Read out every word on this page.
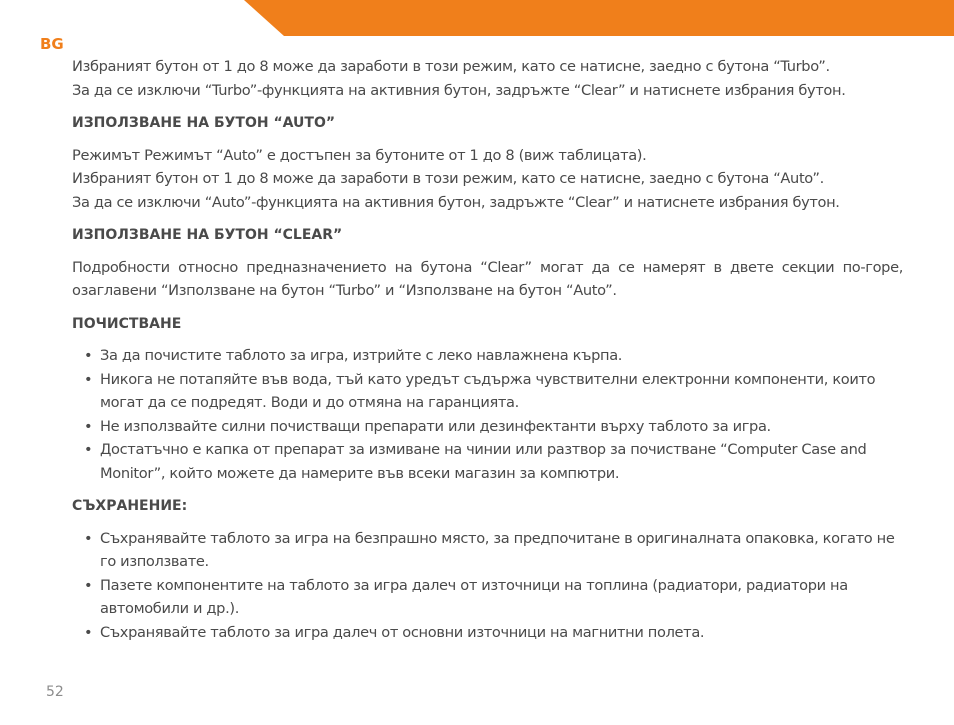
BG

Избраният бутон от 1 до 8 може да заработи в този режим, като се натисне, заедно с бутона “Turbo”.

За да се изключи “Turbo”-функцията на активния бутон, задръжте “Clear” и натиснете избрания бутон.

ИЗПОЛЗВАНЕ НА БУТОН “AUTO”

Режимът Режимът “Auto” е достъпен за бутоните от 1 до 8 (виж таблицата).

Избраният бутон от 1 до 8 може да заработи в този режим, като се натисне, заедно с бутона “Auto”.

За да се изключи “Auto”-функцията на активния бутон, задръжте “Clear” и натиснете избрания бутон.

ИЗПОЛЗВАНЕ НА БУТОН “CLEAR”

Подробности относно предназначението на бутона “Clear” могат да се намерят в двете секции по-горе, озаглавени “Използване на бутон “Turbo” и “Използване на бутон “Auto”.

ПОЧИСТВАНЕ
• За да почистите таблото за игра, изтрийте с леко навлажнена кърпа.
• Никога не потапяйте във вода, тъй като уредът съдържа чувствителни електронни компоненти, които могат да се подредят. Води и до отмяна на гаранцията.
• Не използвайте силни почистващи препарати или дезинфектанти върху таблото за игра.
• Достатъчно е капка от препарат за измиване на чинии или разтвор за почистване “Computer Case and Monitor”, който можете да намерите във всеки магазин за компютри.
СЪХРАНЕНИЕ:
• Съхранявайте таблото за игра на безпрашно място, за предпочитане в оригиналната опаковка, когато не го използвате.
• Пазете компонентите на таблото за игра далеч от източници на топлина (радиатори, радиатори на автомобили и др.).
• Съхранявайте таблото за игра далеч от основни източници на магнитни полета.
52
